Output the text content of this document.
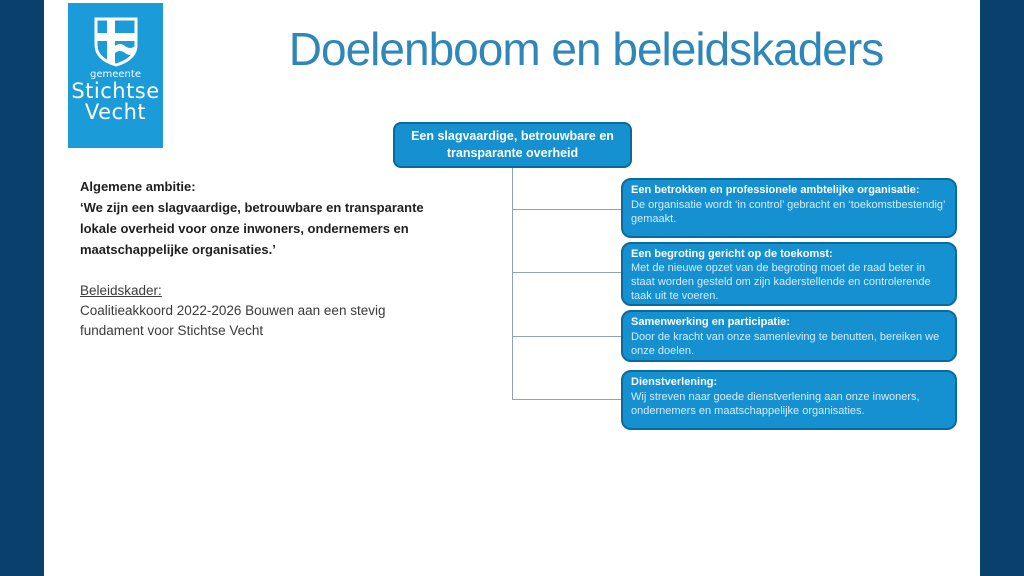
gemeente
Stichtse
Vecht
Doelenboom en beleidskaders

Algemene ambitie:

‘We zijn een slagvaardige, betrouwbare en transparante lokale overheid voor onze inwoners, ondernemers en maatschappelijke organisaties.’

Beleidskader:

Coalitieakkoord 2022-2026 Bouwen aan een stevig fundament voor Stichtse Vecht

Een slagvaardige, betrouwbare en transparante overheid
Een betrokken en professionele ambtelijke organisatie:
De organisatie wordt ‘in control’ gebracht en ‘toekomstbestendig’ gemaakt.
Een begroting gericht op de toekomst:
Met de nieuwe opzet van de begroting moet de raad beter in staat worden gesteld om zijn kaderstellende en controlerende taak uit te voeren.
Samenwerking en participatie:
Door de kracht van onze samenleving te benutten, bereiken we onze doelen.
Dienstverlening:
Wij streven naar goede dienstverlening aan onze inwoners, ondernemers en maatschappelijke organisaties.
